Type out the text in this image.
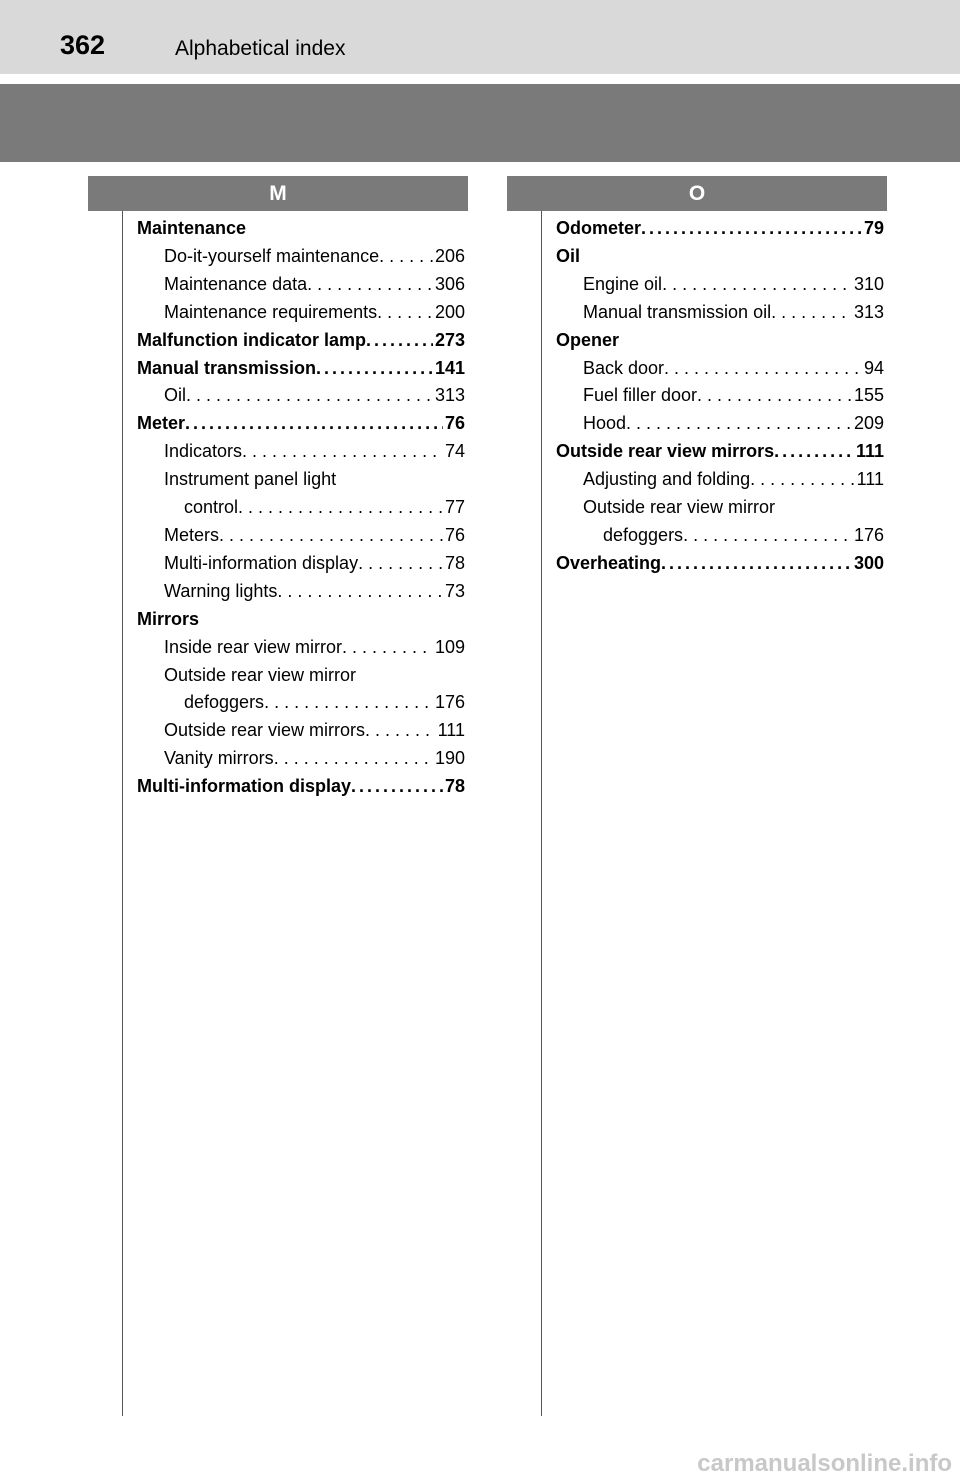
362	Alphabetical index
M	O
Maintenance
Do-it-yourself maintenance . . .	206
Maintenance data . . .	306
Maintenance requirements . . .	200
Malfunction indicator lamp . . .	273
Manual transmission . . .	141
Oil . . .	313
Meter . . .	76
Indicators . . .	74
Instrument panel light
control . . .	77
Meters . . .	76
Multi-information display . . .	78
Warning lights . . .	73
Mirrors
Inside rear view mirror . . .	109
Outside rear view mirror
defoggers . . .	176
Outside rear view mirrors . . .	111
Vanity mirrors . . .	190
Multi-information display . . .	78
Odometer . . .	79
Oil
Engine oil . . .	310
Manual transmission oil . . .	313
Opener
Back door . . .	94
Fuel filler door . . .	155
Hood . . .	209
Outside rear view mirrors . . .	111
Adjusting and folding . . .	111
Outside rear view mirror
defoggers . . .	176
Overheating . . .	300
carmanualsonline.info
